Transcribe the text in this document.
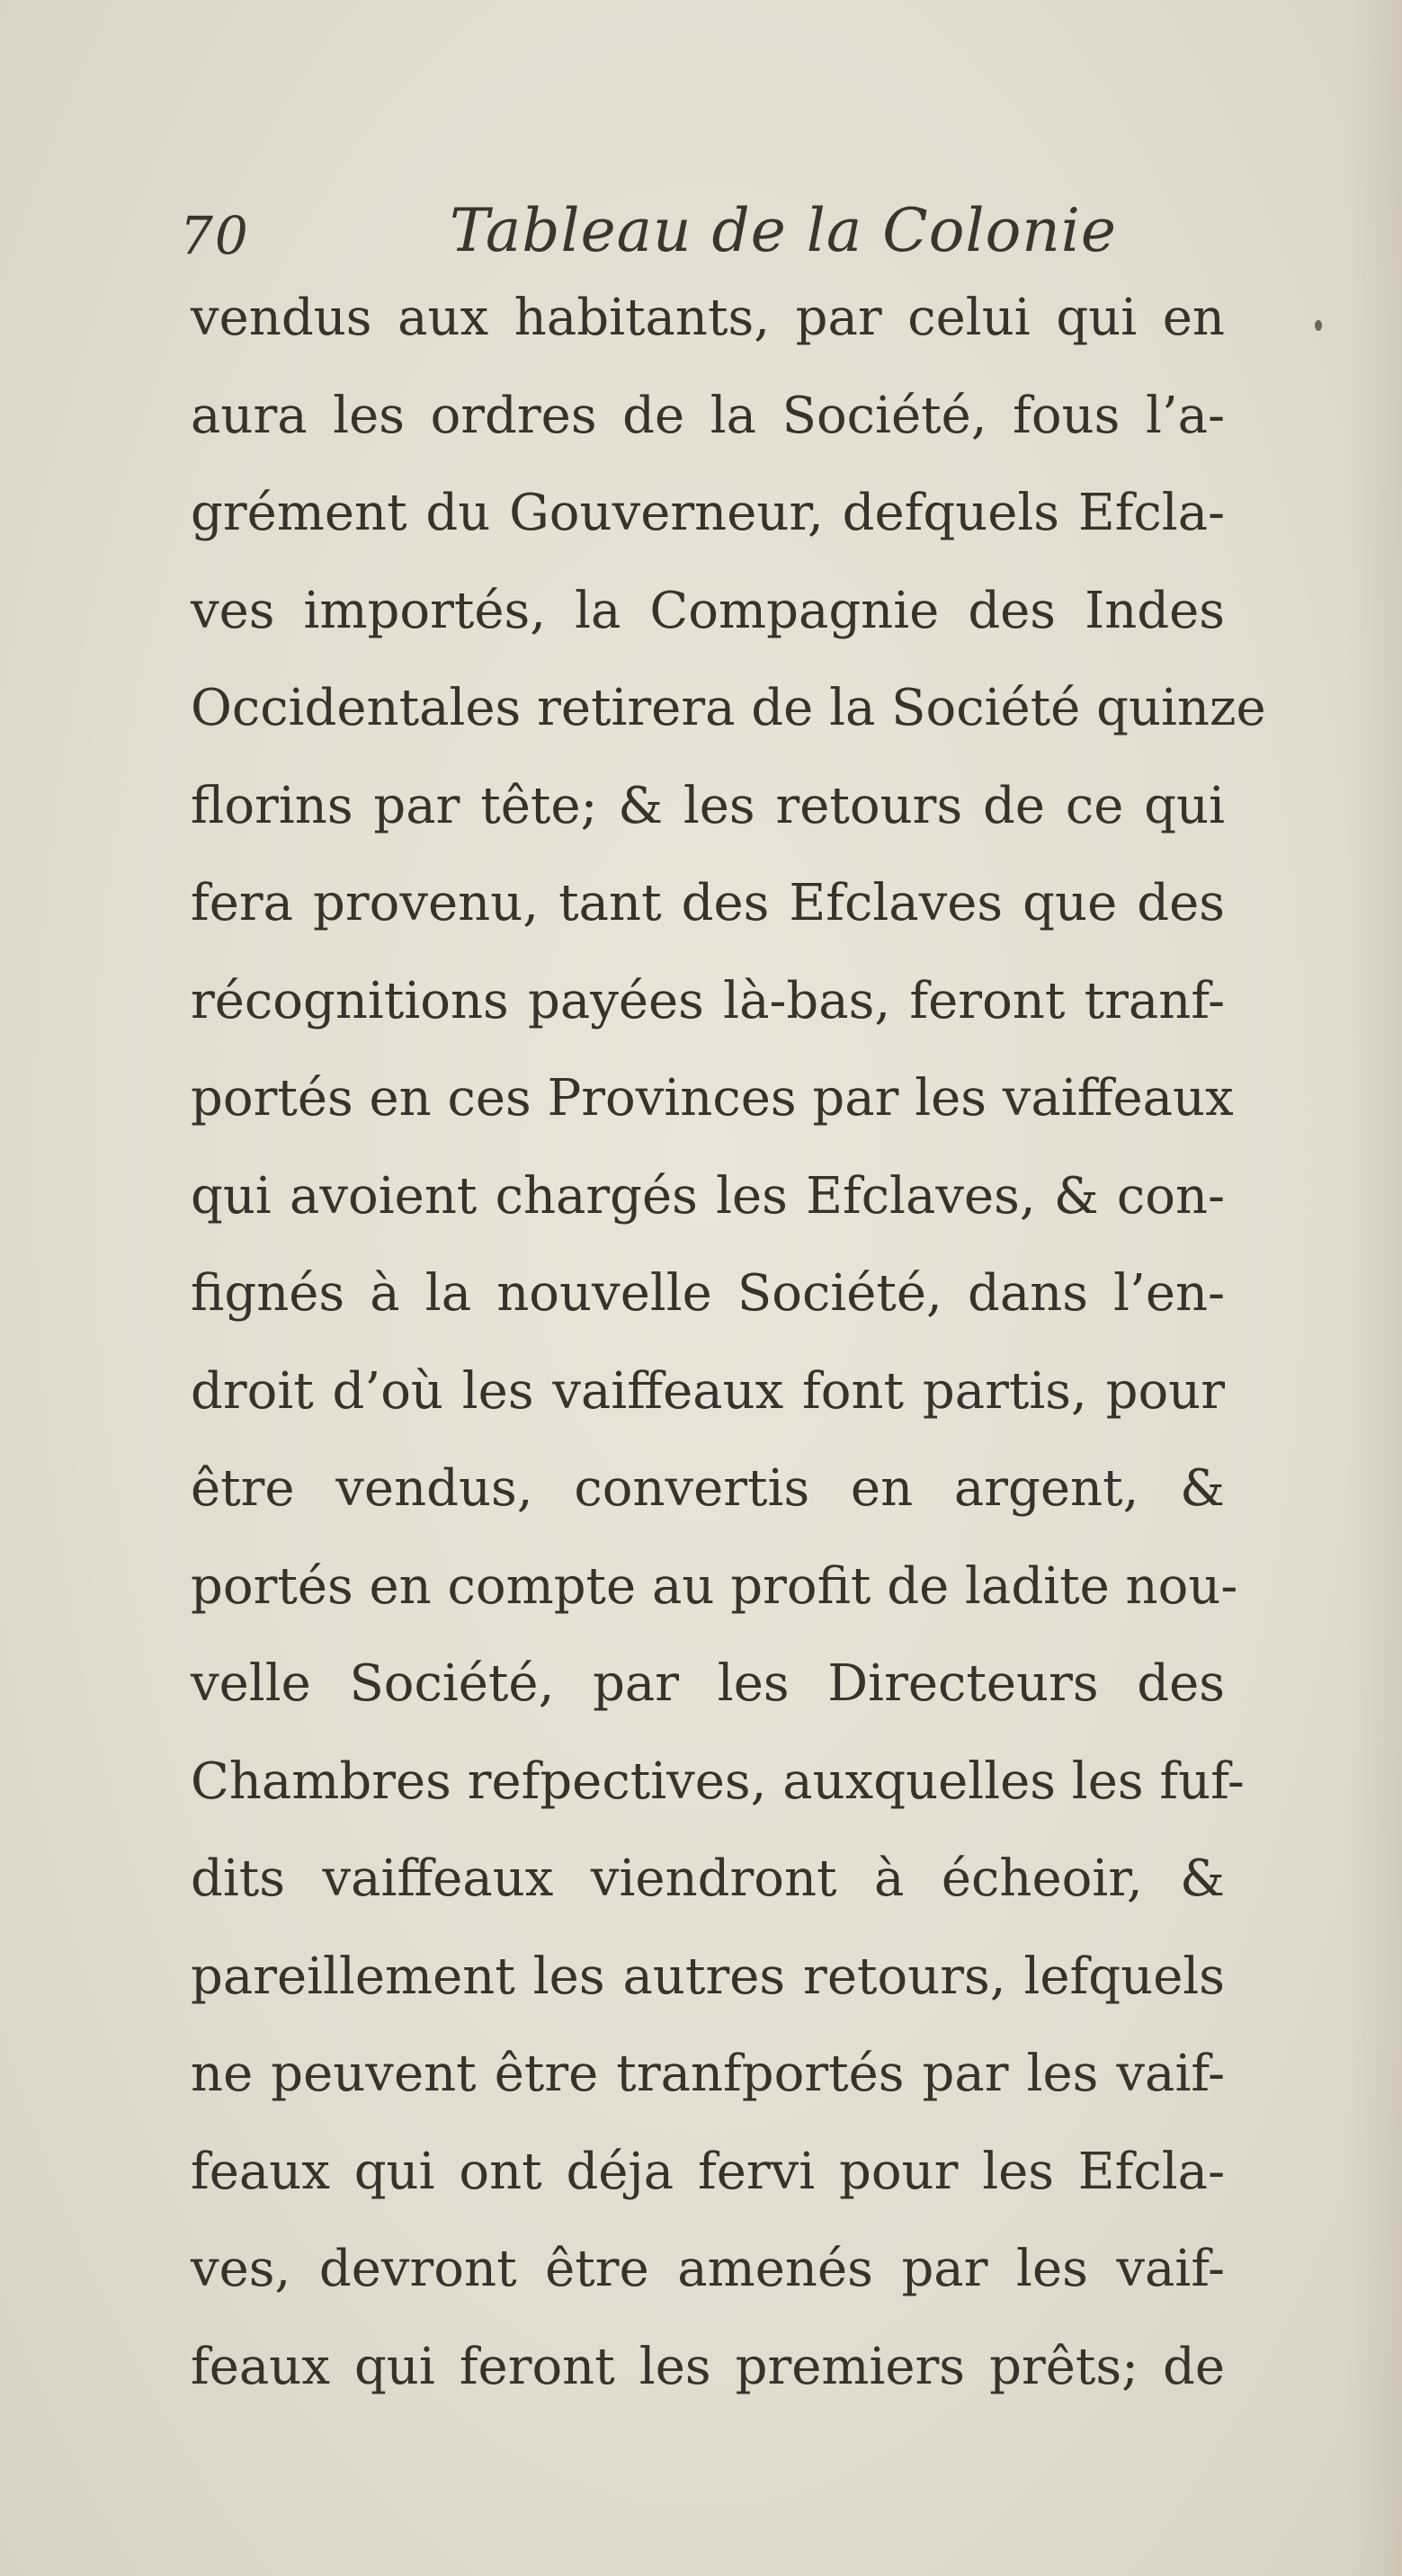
70	Tableau de la Colonie
vendus aux habitants, par celui qui en
aura les ordres de la Société, fous l’a-
grément du Gouverneur, defquels Efcla-
ves importés, la Compagnie des Indes
Occidentales retirera de la Société quinze
florins par tête; & les retours de ce qui
fera provenu, tant des Efclaves que des
récognitions payées là-bas, feront tranf-
portés en ces Provinces par les vaiffeaux
qui avoient chargés les Efclaves, & con-
fignés à la nouvelle Société, dans l’en-
droit d’où les vaiffeaux font partis, pour
être vendus, convertis en argent, &
portés en compte au profit de ladite nou-
velle Société, par les Directeurs des
Chambres refpectives, auxquelles les fuf-
dits vaiffeaux viendront à écheoir, &
pareillement les autres retours, lefquels
ne peuvent être tranfportés par les vaif-
feaux qui ont déja fervi pour les Efcla-
ves, devront être amenés par les vaif-
feaux qui feront les premiers prêts; de
